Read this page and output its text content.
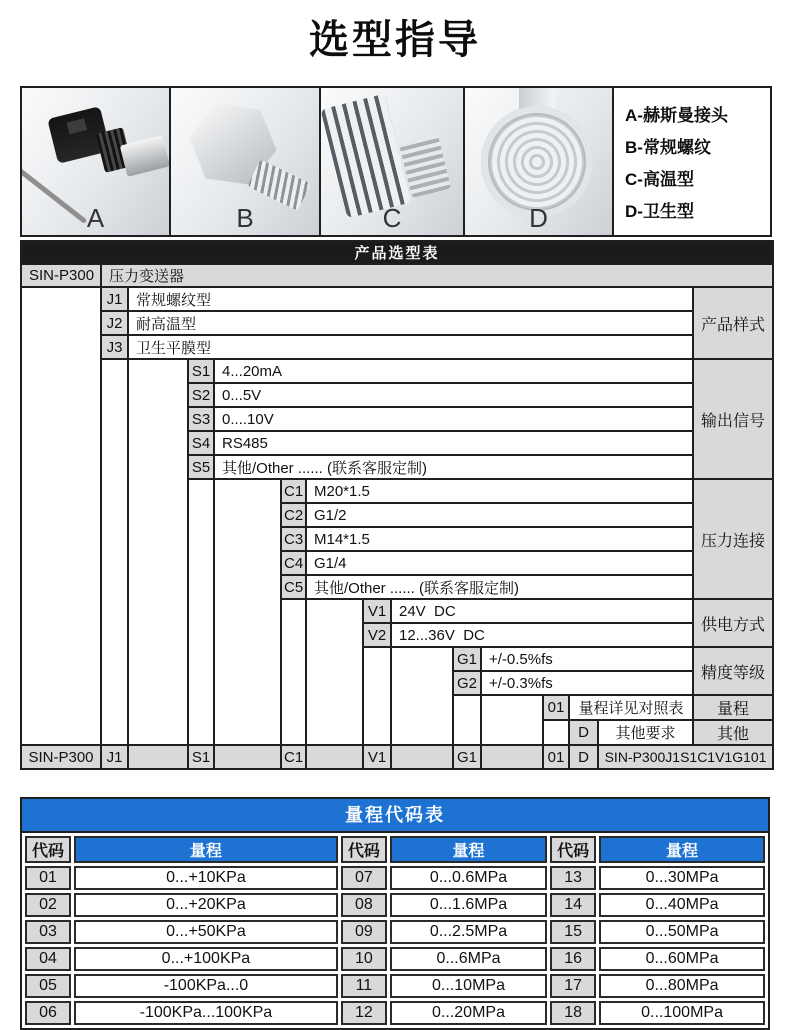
选型指导
A	B	C	D
A-赫斯曼接头
B-常规螺纹
C-高温型
D-卫生型
产品选型表														
SIN-P300	压力变送器													
	J1	常规螺纹型												产品样式
	J2	耐高温型												
	J3	卫生平膜型												
			S1	4...20mA										输出信号
			S2	0...5V										
			S3	0....10V										
			S4	RS485										
			S5	其他/Other ...... (联系客服定制)										
					C1	M20*1.5								压力连接
					C2	G1/2								
					C3	M14*1.5								
					C4	G1/4								
					C5	其他/Other ...... (联系客服定制)								
							V1	24V  DC						供电方式
							V2	12...36V  DC						
									G1	+/-0.5%fs				精度等级
									G2	+/-0.3%fs				
											01	量程详见对照表		量程
												D	其他要求	其他
SIN-P300	J1		S1		C1		V1		G1		01	D	SIN-P300J1S1C1V1G101	
量程代码表
代码	量程	代码	量程	代码	量程
01	0...+10KPa	07	0...0.6MPa	13	0...30MPa
02	0...+20KPa	08	0...1.6MPa	14	0...40MPa
03	0...+50KPa	09	0...2.5MPa	15	0...50MPa
04	0...+100KPa	10	0...6MPa	16	0...60MPa
05	-100KPa...0	11	0...10MPa	17	0...80MPa
06	-100KPa...100KPa	12	0...20MPa	18	0...100MPa
